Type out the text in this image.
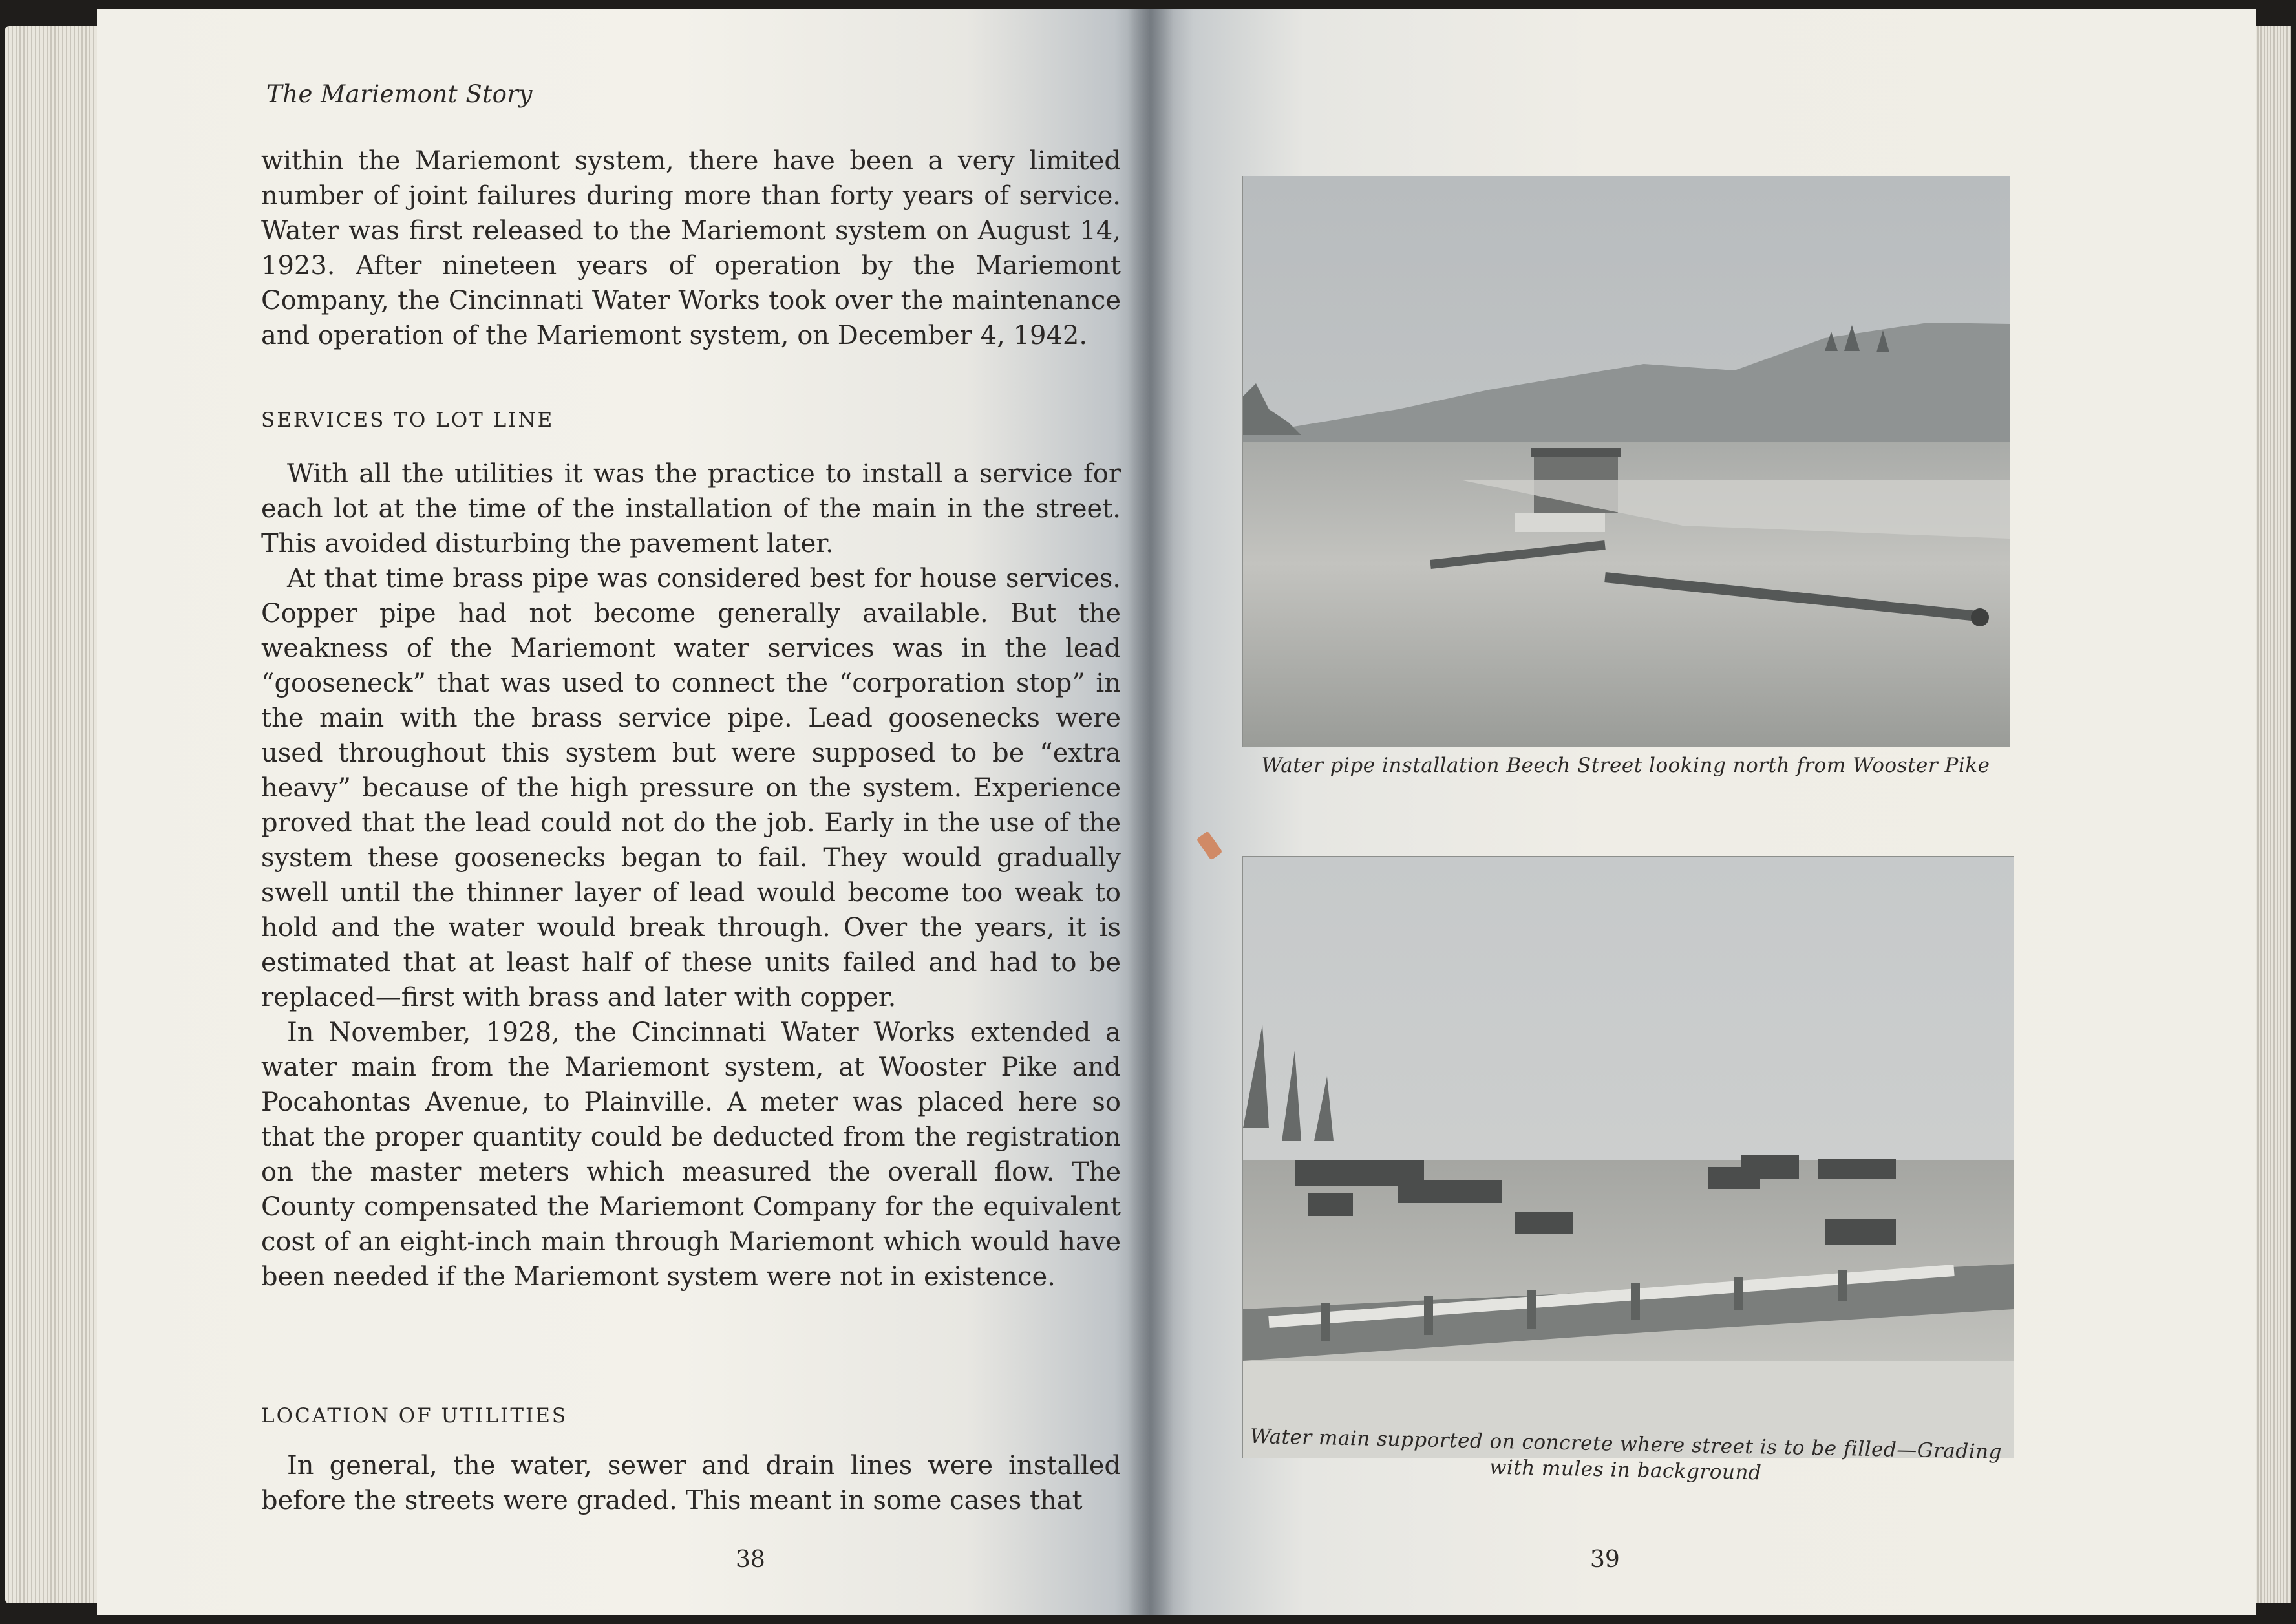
The Mariemont Story

within the Mariemont system, there have been a very limited number of joint failures during more than forty years of service. Water was first released to the Mariemont system on August 14, 1923. After nineteen years of operation by the Mariemont Company, the Cincinnati Water Works took over the maintenance and operation of the Mariemont system, on December 4, 1942.

SERVICES TO LOT LINE

With all the utilities it was the practice to install a service for each lot at the time of the installation of the main in the street. This avoided disturbing the pavement later.

At that time brass pipe was considered best for house services. Copper pipe had not become generally available. But the weakness of the Mariemont water services was in the lead “gooseneck” that was used to connect the “corporation stop” in the main with the brass service pipe. Lead goosenecks were used throughout this system but were supposed to be “extra heavy” because of the high pressure on the system. Experience proved that the lead could not do the job. Early in the use of the system these goosenecks began to fail. They would gradually swell until the thinner layer of lead would become too weak to hold and the water would break through. Over the years, it is estimated that at least half of these units failed and had to be replaced—first with brass and later with copper.

In November, 1928, the Cincinnati Water Works extended a water main from the Mariemont system, at Wooster Pike and Pocahontas Avenue, to Plainville. A meter was placed here so that the proper quantity could be deducted from the registration on the master meters which measured the overall flow. The County compensated the Mariemont Company for the equivalent cost of an eight-inch main through Mariemont which would have been needed if the Mariemont system were not in existence.

LOCATION OF UTILITIES

In general, the water, sewer and drain lines were installed before the streets were graded. This meant in some cases that

38

Water pipe installation Beech Street looking north from Wooster Pike

Water main supported on concrete where street is to be filled—Grading with mules in background

39
